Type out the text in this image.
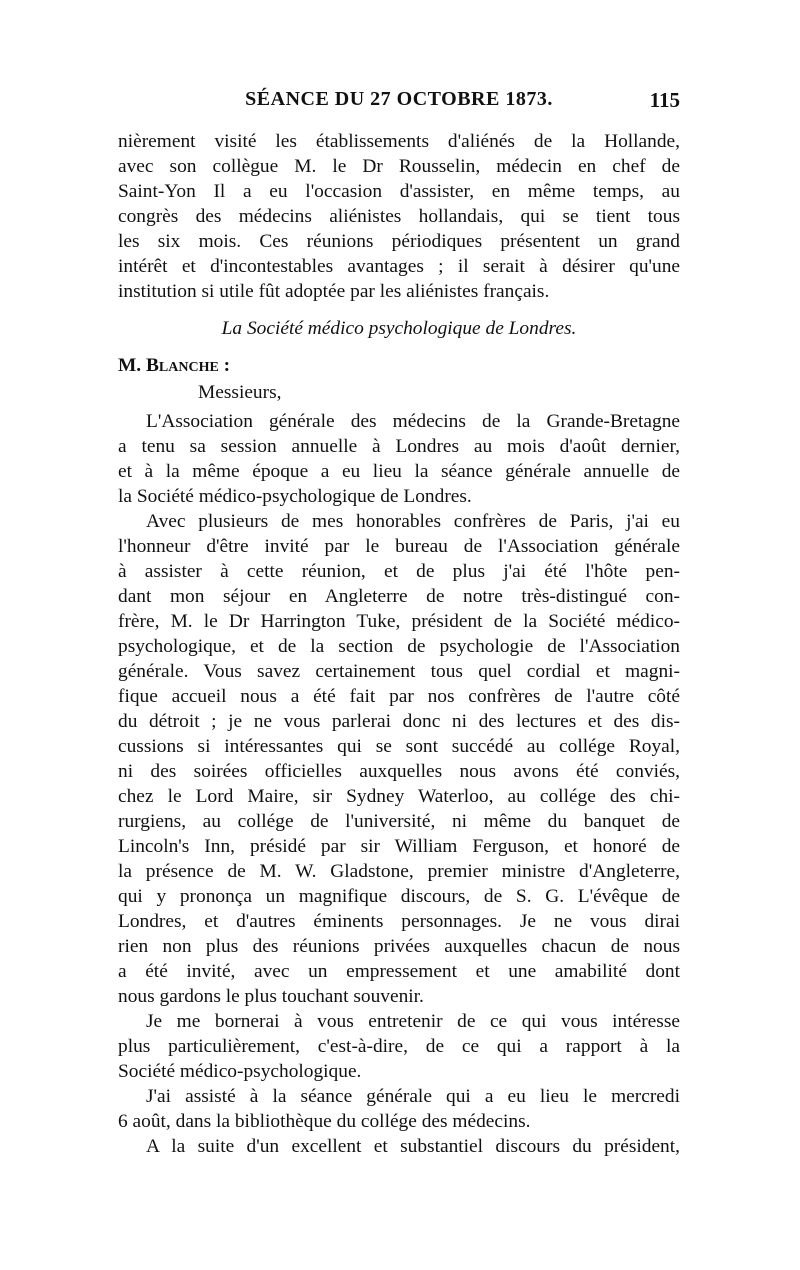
SÉANCE DU 27 OCTOBRE 1873.	115
nièrement visité les établissements d'aliénés de la Hollande,
avec son collègue M. le Dr Rousselin, médecin en chef de
Saint-Yon Il a eu l'occasion d'assister, en même temps, au
congrès des médecins aliénistes hollandais, qui se tient tous
les six mois. Ces réunions périodiques présentent un grand
intérêt et d'incontestables avantages ; il serait à désirer qu'une
institution si utile fût adoptée par les aliénistes français.
La Société médico psychologique de Londres.
M. Blanche :
Messieurs,
L'Association générale des médecins de la Grande-Bretagne
a tenu sa session annuelle à Londres au mois d'août dernier,
et à la même époque a eu lieu la séance générale annuelle de
la Société médico-psychologique de Londres.
Avec plusieurs de mes honorables confrères de Paris, j'ai eu
l'honneur d'être invité par le bureau de l'Association générale
à assister à cette réunion, et de plus j'ai été l'hôte pen-
dant mon séjour en Angleterre de notre très-distingué con-
frère, M. le Dr Harrington Tuke, président de la Société médico-
psychologique, et de la section de psychologie de l'Association
générale. Vous savez certainement tous quel cordial et magni-
fique accueil nous a été fait par nos confrères de l'autre côté
du détroit ; je ne vous parlerai donc ni des lectures et des dis-
cussions si intéressantes qui se sont succédé au collége Royal,
ni des soirées officielles auxquelles nous avons été conviés,
chez le Lord Maire, sir Sydney Waterloo, au collége des chi-
rurgiens, au collége de l'université, ni même du banquet de
Lincoln's Inn, présidé par sir William Ferguson, et honoré de
la présence de M. W. Gladstone, premier ministre d'Angleterre,
qui y prononça un magnifique discours, de S. G. L'évêque de
Londres, et d'autres éminents personnages. Je ne vous dirai
rien non plus des réunions privées auxquelles chacun de nous
a été invité, avec un empressement et une amabilité dont
nous gardons le plus touchant souvenir.
Je me bornerai à vous entretenir de ce qui vous intéresse
plus particulièrement, c'est-à-dire, de ce qui a rapport à la
Société médico-psychologique.
J'ai assisté à la séance générale qui a eu lieu le mercredi
6 août, dans la bibliothèque du collége des médecins.
A la suite d'un excellent et substantiel discours du président,
